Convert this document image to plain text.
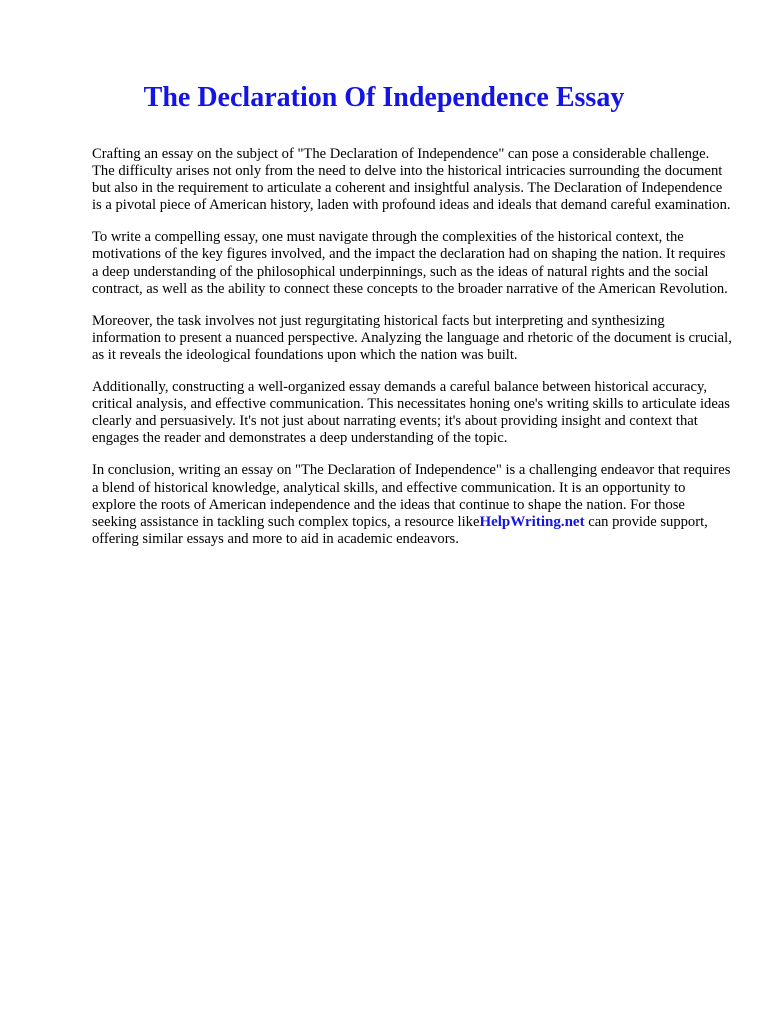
The Declaration Of Independence Essay

Crafting an essay on the subject of "The Declaration of Independence" can pose a considerable challenge. The difficulty arises not only from the need to delve into the historical intricacies surrounding the document but also in the requirement to articulate a coherent and insightful analysis. The Declaration of Independence is a pivotal piece of American history, laden with profound ideas and ideals that demand careful examination.

To write a compelling essay, one must navigate through the complexities of the historical context, the motivations of the key figures involved, and the impact the declaration had on shaping the nation. It requires a deep understanding of the philosophical underpinnings, such as the ideas of natural rights and the social contract, as well as the ability to connect these concepts to the broader narrative of the American Revolution.

Moreover, the task involves not just regurgitating historical facts but interpreting and synthesizing information to present a nuanced perspective. Analyzing the language and rhetoric of the document is crucial, as it reveals the ideological foundations upon which the nation was built.

Additionally, constructing a well-organized essay demands a careful balance between historical accuracy, critical analysis, and effective communication. This necessitates honing one's writing skills to articulate ideas clearly and persuasively. It's not just about narrating events; it's about providing insight and context that engages the reader and demonstrates a deep understanding of the topic.

In conclusion, writing an essay on "The Declaration of Independence" is a challenging endeavor that requires a blend of historical knowledge, analytical skills, and effective communication. It is an opportunity to explore the roots of American independence and the ideas that continue to shape the nation. For those seeking assistance in tackling such complex topics, a resource likeHelpWriting.net can provide support, offering similar essays and more to aid in academic endeavors.
